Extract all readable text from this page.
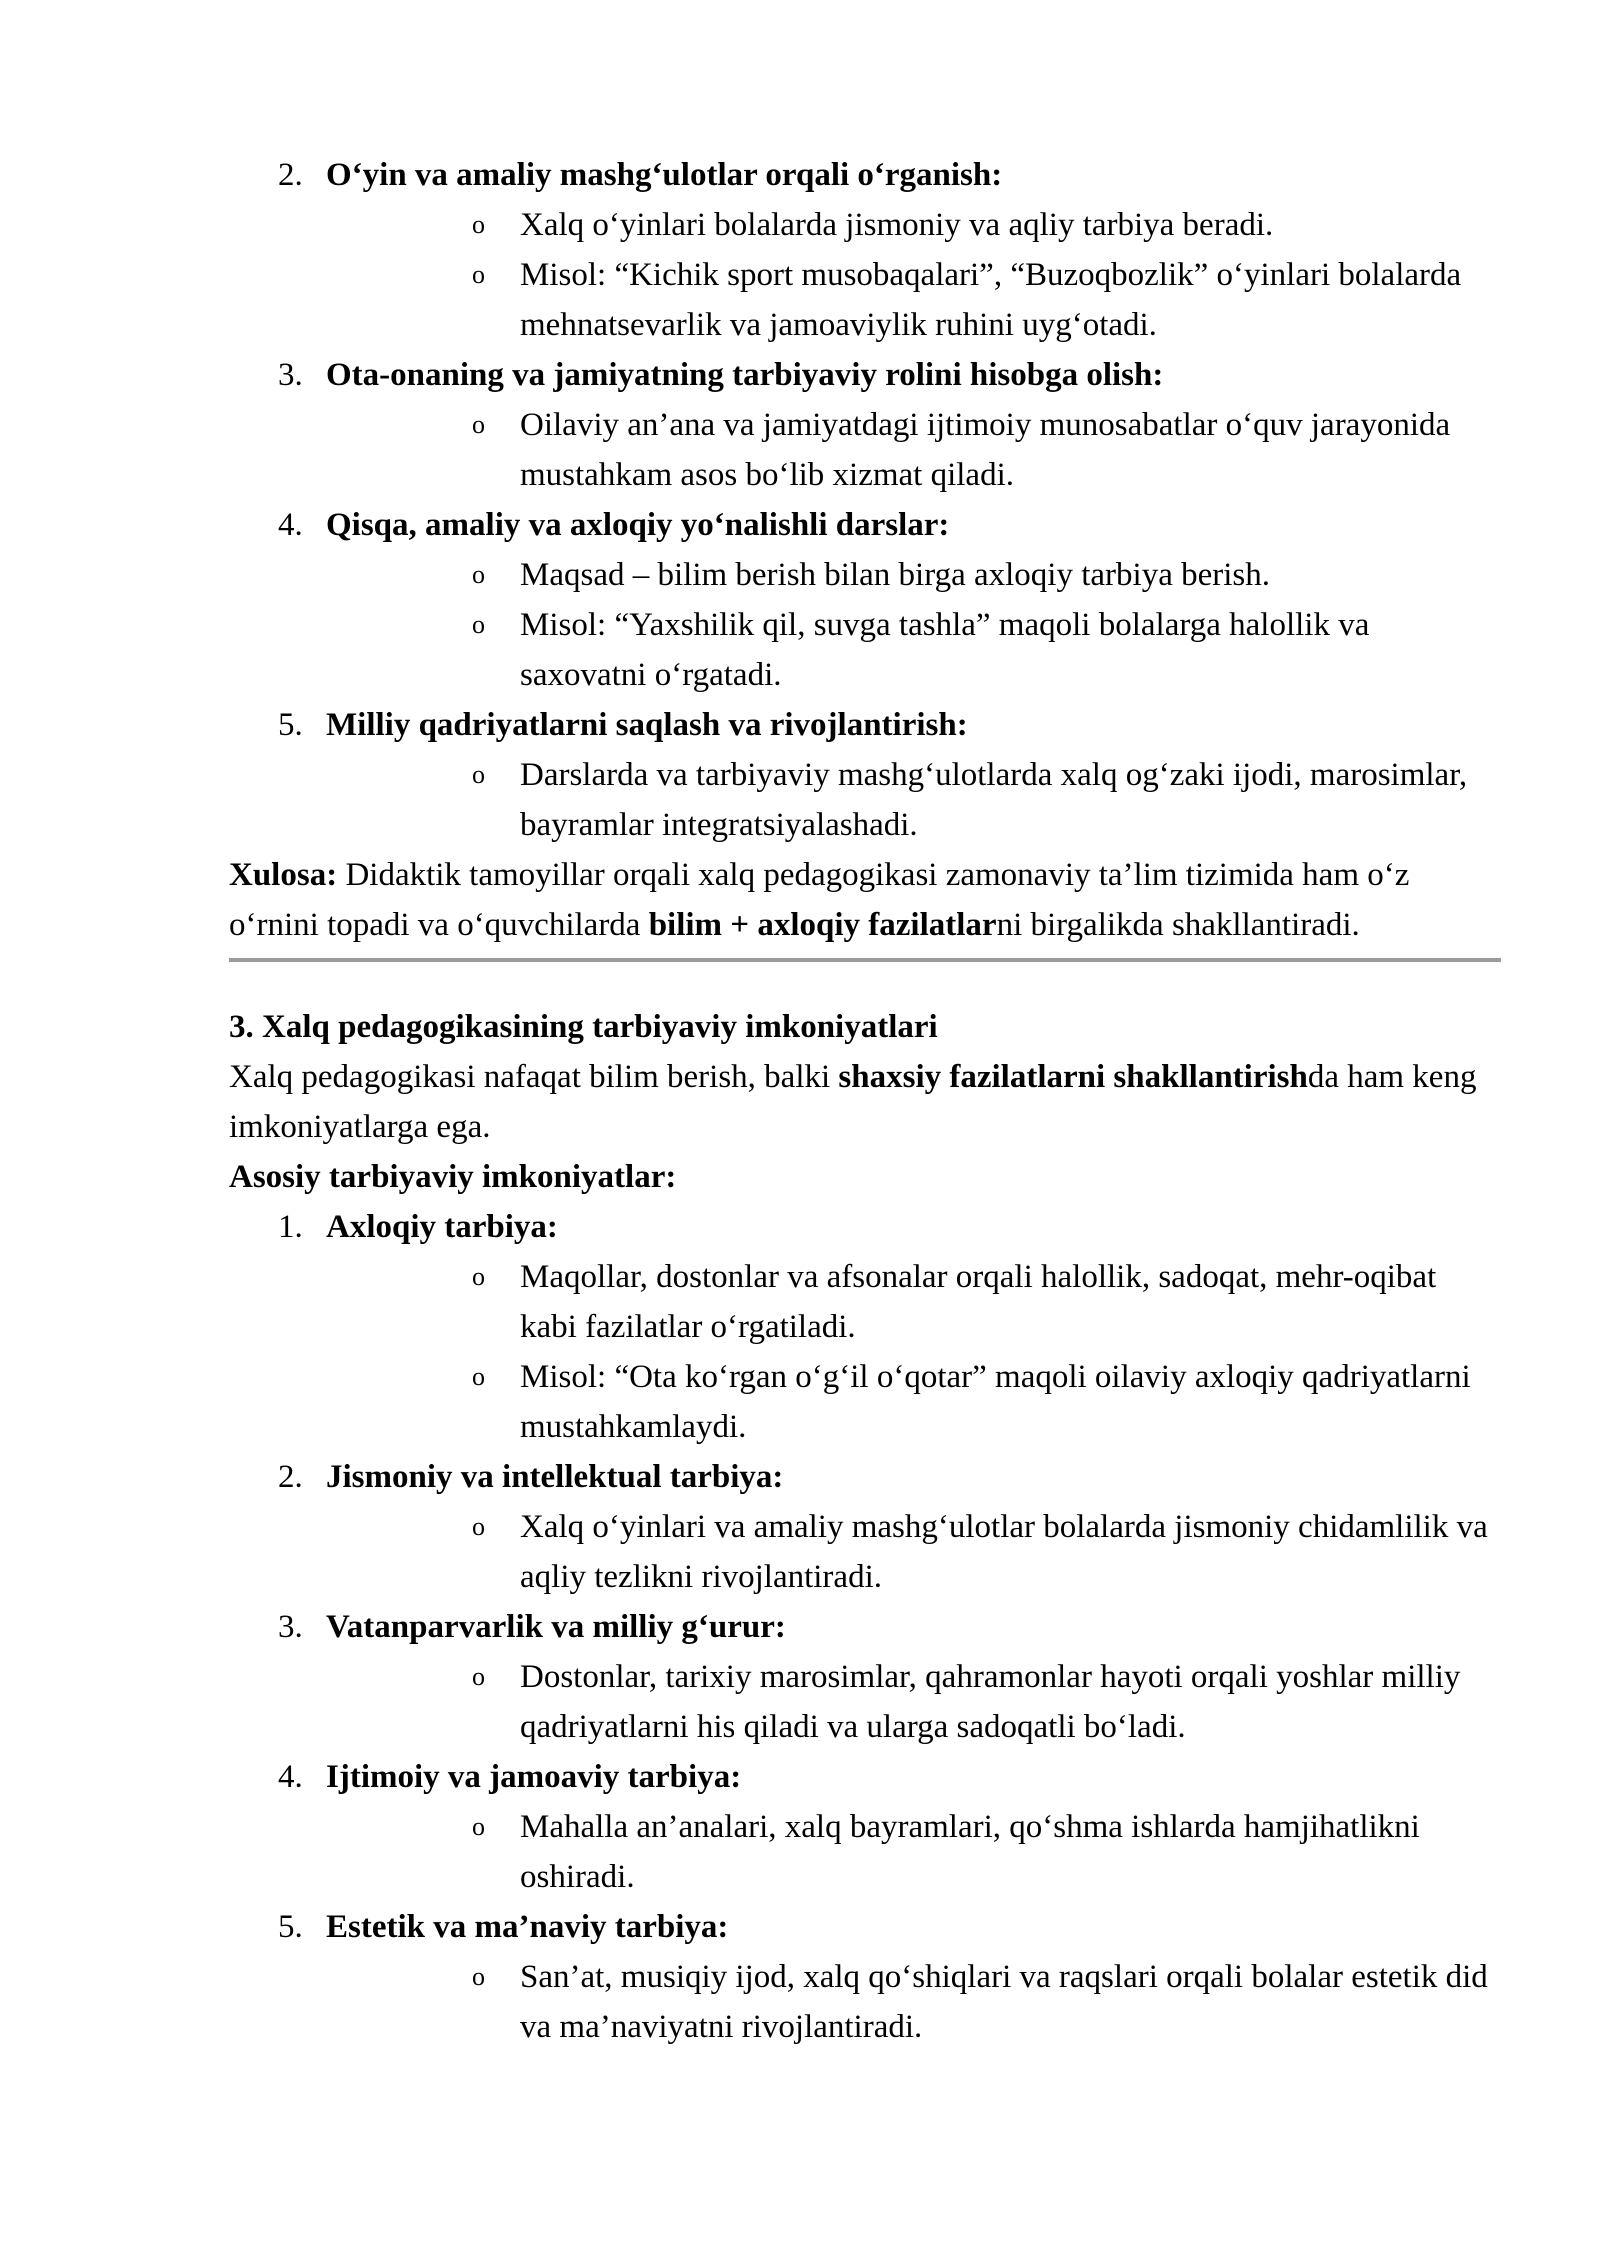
2. O‘yin va amaliy mashg‘ulotlar orqali o‘rganish:
o Xalq o‘yinlari bolalarda jismoniy va aqliy tarbiya beradi.
o Misol: “Kichik sport musobaqalari”, “Buzoqbozlik” o‘yinlari bolalarda mehnatsevarlik va jamoaviylik ruhini uyg‘otadi.
3. Ota-onaning va jamiyatning tarbiyaviy rolini hisobga olish:
o Oilaviy an’ana va jamiyatdagi ijtimoiy munosabatlar o‘quv jarayonida mustahkam asos bo‘lib xizmat qiladi.
4. Qisqa, amaliy va axloqiy yo‘nalishli darslar:
o Maqsad – bilim berish bilan birga axloqiy tarbiya berish.
o Misol: “Yaxshilik qil, suvga tashla” maqoli bolalarga halollik va saxovatni o‘rgatadi.
5. Milliy qadriyatlarni saqlash va rivojlantirish:
o Darslarda va tarbiyaviy mashg‘ulotlarda xalq og‘zaki ijodi, marosimlar, bayramlar integratsiyalashadi.

Xulosa: Didaktik tamoyillar orqali xalq pedagogikasi zamonaviy ta’lim tizimida ham o‘z o‘rnini topadi va o‘quvchilarda bilim + axloqiy fazilatlarni birgalikda shakllantiradi.

3. Xalq pedagogikasining tarbiyaviy imkoniyatlari

Xalq pedagogikasi nafaqat bilim berish, balki shaxsiy fazilatlarni shakllantirishda ham keng imkoniyatlarga ega.

Asosiy tarbiyaviy imkoniyatlar:

1. Axloqiy tarbiya:
o Maqollar, dostonlar va afsonalar orqali halollik, sadoqat, mehr-oqibat kabi fazilatlar o‘rgatiladi.
o Misol: “Ota ko‘rgan o‘g‘il o‘qotar” maqoli oilaviy axloqiy qadriyatlarni mustahkamlaydi.
2. Jismoniy va intellektual tarbiya:
o Xalq o‘yinlari va amaliy mashg‘ulotlar bolalarda jismoniy chidamlilik va aqliy tezlikni rivojlantiradi.
3. Vatanparvarlik va milliy g‘urur:
o Dostonlar, tarixiy marosimlar, qahramonlar hayoti orqali yoshlar milliy qadriyatlarni his qiladi va ularga sadoqatli bo‘ladi.
4. Ijtimoiy va jamoaviy tarbiya:
o Mahalla an’analari, xalq bayramlari, qo‘shma ishlarda hamjihatlikni oshiradi.
5. Estetik va ma’naviy tarbiya:
o San’at, musiqiy ijod, xalq qo‘shiqlari va raqslari orqali bolalar estetik did va ma’naviyatni rivojlantiradi.
